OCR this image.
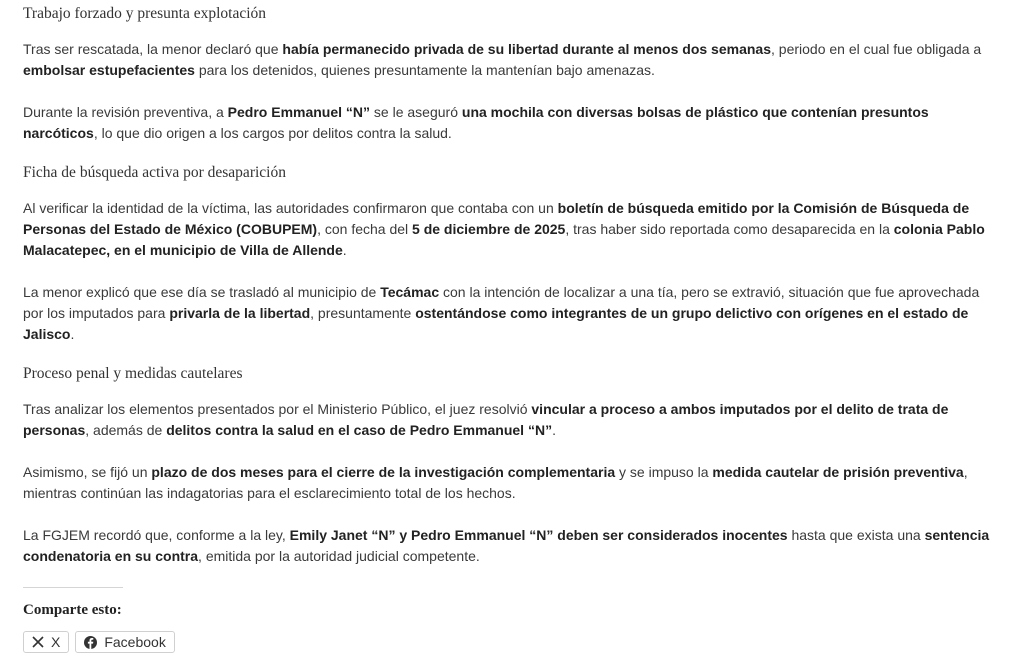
Trabajo forzado y presunta explotación

Tras ser rescatada, la menor declaró que había permanecido privada de su libertad durante al menos dos semanas, periodo en el cual fue obligada a embolsar estupefacientes para los detenidos, quienes presuntamente la mantenían bajo amenazas.

Durante la revisión preventiva, a Pedro Emmanuel “N” se le aseguró una mochila con diversas bolsas de plástico que contenían presuntos narcóticos, lo que dio origen a los cargos por delitos contra la salud.

Ficha de búsqueda activa por desaparición

Al verificar la identidad de la víctima, las autoridades confirmaron que contaba con un boletín de búsqueda emitido por la Comisión de Búsqueda de Personas del Estado de México (COBUPEM), con fecha del 5 de diciembre de 2025, tras haber sido reportada como desaparecida en la colonia Pablo Malacatepec, en el municipio de Villa de Allende.

La menor explicó que ese día se trasladó al municipio de Tecámac con la intención de localizar a una tía, pero se extravió, situación que fue aprovechada por los imputados para privarla de la libertad, presuntamente ostentándose como integrantes de un grupo delictivo con orígenes en el estado de Jalisco.

Proceso penal y medidas cautelares

Tras analizar los elementos presentados por el Ministerio Público, el juez resolvió vincular a proceso a ambos imputados por el delito de trata de personas, además de delitos contra la salud en el caso de Pedro Emmanuel “N”.

Asimismo, se fijó un plazo de dos meses para el cierre de la investigación complementaria y se impuso la medida cautelar de prisión preventiva, mientras continúan las indagatorias para el esclarecimiento total de los hechos.

La FGJEM recordó que, conforme a la ley, Emily Janet “N” y Pedro Emmanuel “N” deben ser considerados inocentes hasta que exista una sentencia condenatoria en su contra, emitida por la autoridad judicial competente.

Comparte esto:
X	Facebook
